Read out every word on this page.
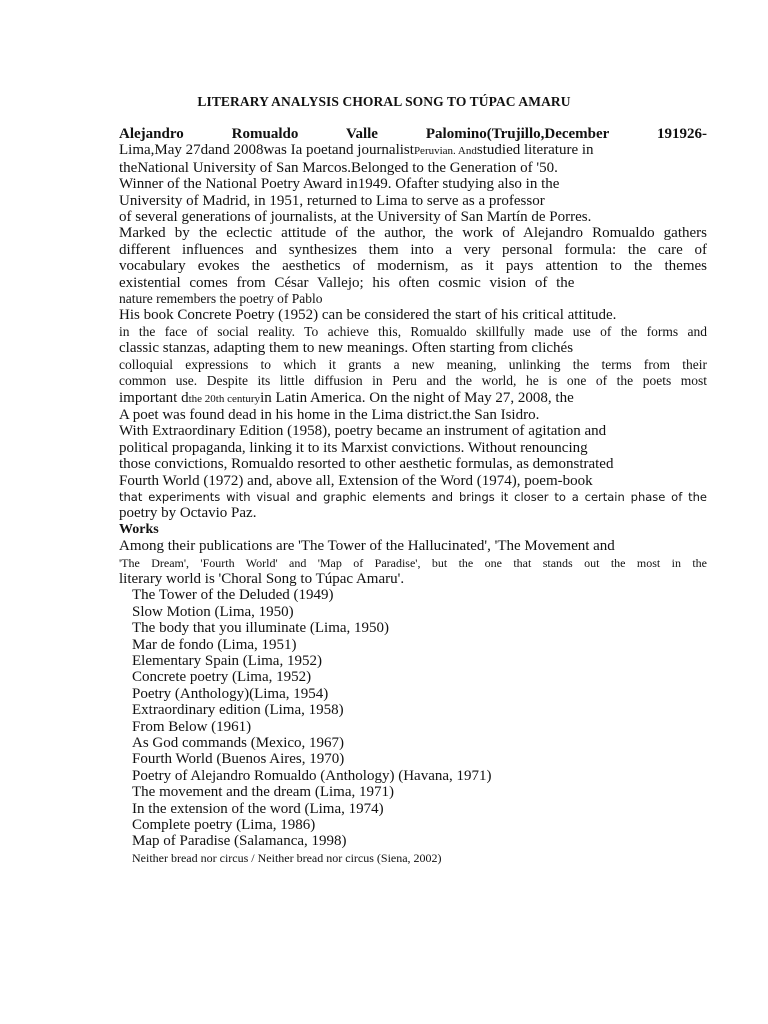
LITERARY ANALYSIS CHORAL SONG TO TÚPAC AMARU
Alejandro Romualdo Valle Palomino(Trujillo,December 191926-
Lima,May 27dand 2008was Ia poetand journalistPeruvian. Andstudied literature in
theNational University of San Marcos.Belonged to the Generation of '50.
Winner of the National Poetry Award in1949. Ofafter studying also in the
University of Madrid, in 1951, returned to Lima to serve as a professor
of several generations of journalists, at the University of San Martín de Porres.
Marked by the eclectic attitude of the author, the work of Alejandro Romualdo gathers
different influences and synthesizes them into a very personal formula: the care of
vocabulary evokes the aesthetics of modernism, as it pays attention to the themes
existential comes from César Vallejo; his often cosmic vision of the
nature remembers the poetry of Pablo
His book Concrete Poetry (1952) can be considered the start of his critical attitude.
in the face of social reality. To achieve this, Romualdo skillfully made use of the forms and
classic stanzas, adapting them to new meanings. Often starting from clichés
colloquial expressions to which it grants a new meaning, unlinking the terms from their
common use. Despite its little diffusion in Peru and the world, he is one of the poets most
important dthe 20th centuryin Latin America. On the night of May 27, 2008, the
A poet was found dead in his home in the Lima district.the San Isidro.
With Extraordinary Edition (1958), poetry became an instrument of agitation and
political propaganda, linking it to its Marxist convictions. Without renouncing
those convictions, Romualdo resorted to other aesthetic formulas, as demonstrated
Fourth World (1972) and, above all, Extension of the Word (1974), poem-book
that experiments with visual and graphic elements and brings it closer to a certain phase of the
poetry by Octavio Paz.
Works
Among their publications are 'The Tower of the Hallucinated', 'The Movement and
'The Dream', 'Fourth World' and 'Map of Paradise', but the one that stands out the most in the
literary world is 'Choral Song to Túpac Amaru'.
The Tower of the Deluded (1949)
Slow Motion (Lima, 1950)
The body that you illuminate (Lima, 1950)
Mar de fondo (Lima, 1951)
Elementary Spain (Lima, 1952)
Concrete poetry (Lima, 1952)
Poetry (Anthology)(Lima, 1954)
Extraordinary edition (Lima, 1958)
From Below (1961)
As God commands (Mexico, 1967)
Fourth World (Buenos Aires, 1970)
Poetry of Alejandro Romualdo (Anthology) (Havana, 1971)
The movement and the dream (Lima, 1971)
In the extension of the word (Lima, 1974)
Complete poetry (Lima, 1986)
Map of Paradise (Salamanca, 1998)
Neither bread nor circus / Neither bread nor circus (Siena, 2002)
